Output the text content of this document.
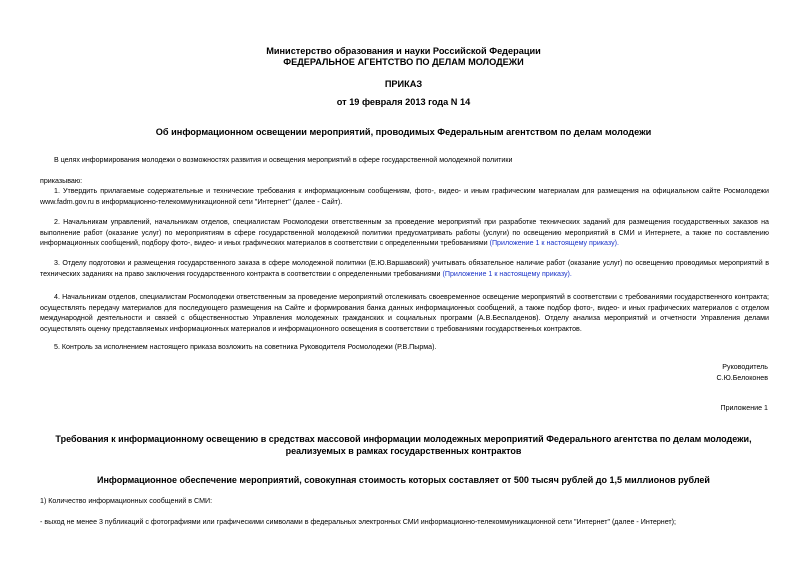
Министерство образования и науки Российской Федерации
ФЕДЕРАЛЬНОЕ АГЕНТСТВО ПО ДЕЛАМ МОЛОДЕЖИ
ПРИКАЗ
от 19 февраля 2013 года N 14
Об информационном освещении мероприятий, проводимых Федеральным агентством по делам молодежи
В целях информирования молодежи о возможностях развития и освещения мероприятий в сфере государственной молодежной политики
приказываю:
1. Утвердить прилагаемые содержательные и технические требования к информационным сообщениям, фото-, видео- и иным графическим материалам для размещения на официальном сайте Росмолодежи www.fadm.gov.ru в информационно-телекоммуникационной сети "Интернет" (далее - Сайт).
2. Начальникам управлений, начальникам отделов, специалистам Росмолодежи ответственным за проведение мероприятий при разработке технических заданий для размещения государственных заказов на выполнение работ (оказание услуг) по мероприятиям в сфере государственной молодежной политики предусматривать работы (услуги) по освещению мероприятий в СМИ и Интернете, а также по составлению информационных сообщений, подбору фото-, видео- и иных графических материалов в соответствии с определенными требованиями (Приложение 1 к настоящему приказу).
3. Отделу подготовки и размещения государственного заказа в сфере молодежной политики (Е.Ю.Варшавский) учитывать обязательное наличие работ (оказание услуг) по освещению проводимых мероприятий в технических заданиях на право заключения государственного контракта в соответствии с определенными требованиями (Приложение 1 к настоящему приказу).
4. Начальникам отделов, специалистам Росмолодежи ответственным за проведение мероприятий отслеживать своевременное освещение мероприятий в соответствии с требованиями государственного контракта; осуществлять передачу материалов для последующего размещения на Сайте и формирования банка данных информационных сообщений, а также подбор фото-, видео- и иных графических материалов с отделом международной деятельности и связей с общественностью Управления молодежных гражданских и социальных программ (А.В.Беспалденов). Отделу анализа мероприятий и отчетности Управления делами осуществлять оценку представляемых информационных материалов и информационного освещения в соответствии с требованиями государственных контрактов.
5. Контроль за исполнением настоящего приказа возложить на советника Руководителя Росмолодежи (Р.В.Пырма).
Руководитель
С.Ю.Белоконев
Приложение 1
Требования к информационному освещению в средствах массовой информации молодежных мероприятий Федерального агентства по делам молодежи,
реализуемых в рамках государственных контрактов
Информационное обеспечение мероприятий, совокупная стоимость которых составляет от 500 тысяч рублей до 1,5 миллионов рублей
1) Количество информационных сообщений в СМИ:
- выход не менее 3 публикаций с фотографиями или графическими символами в федеральных электронных СМИ информационно-телекоммуникационной сети "Интернет" (далее - Интернет);
